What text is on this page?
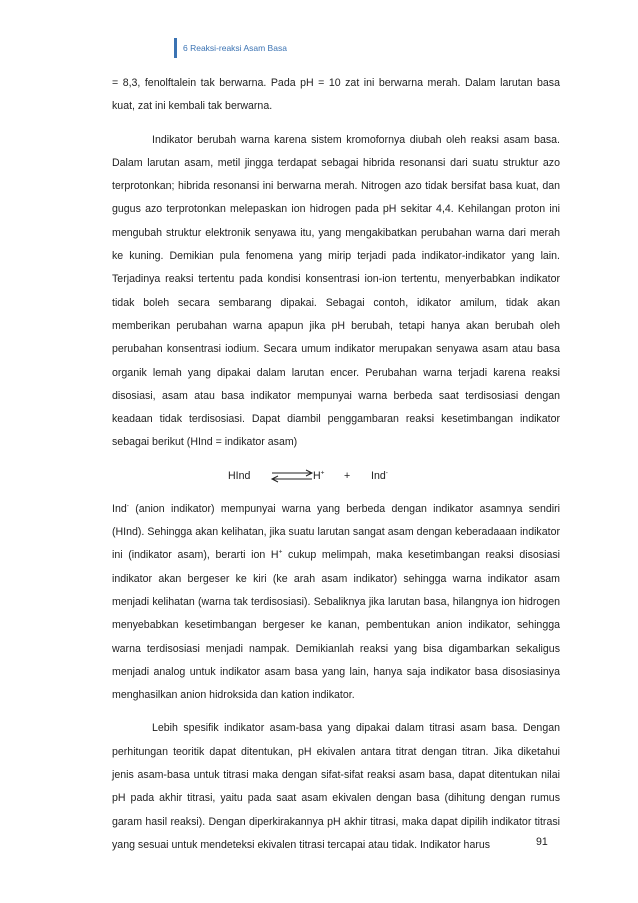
6 Reaksi-reaksi Asam Basa

= 8,3, fenolftalein tak berwarna. Pada pH = 10 zat ini berwarna merah. Dalam larutan basa kuat, zat ini kembali tak berwarna.

Indikator berubah warna karena sistem kromofornya diubah oleh reaksi asam basa. Dalam larutan asam, metil jingga terdapat sebagai hibrida resonansi dari suatu struktur azo terprotonkan; hibrida resonansi ini berwarna merah. Nitrogen azo tidak bersifat basa kuat, dan gugus azo terprotonkan melepaskan ion hidrogen pada pH sekitar 4,4. Kehilangan proton ini mengubah struktur elektronik senyawa itu, yang mengakibatkan perubahan warna dari merah ke kuning. Demikian pula fenomena yang mirip terjadi pada indikator-indikator yang lain. Terjadinya reaksi tertentu pada kondisi konsentrasi ion-ion tertentu, menyerbabkan indikator tidak boleh secara sembarang dipakai. Sebagai contoh, idikator amilum, tidak akan memberikan perubahan warna apapun jika pH berubah, tetapi hanya akan berubah oleh perubahan konsentrasi iodium. Secara umum indikator merupakan senyawa asam atau basa organik lemah yang dipakai dalam larutan encer. Perubahan warna terjadi karena reaksi disosiasi, asam atau basa indikator mempunyai warna berbeda saat terdisosiasi dengan keadaan tidak terdisosiasi. Dapat diambil penggambaran reaksi kesetimbangan indikator sebagai berikut (HInd = indikator asam)

HInd	H+ + Ind-

Ind- (anion indikator) mempunyai warna yang berbeda dengan indikator asamnya sendiri (HInd). Sehingga akan kelihatan, jika suatu larutan sangat asam dengan keberadaaan indikator ini (indikator asam), berarti ion H+ cukup melimpah, maka kesetimbangan reaksi disosiasi indikator akan bergeser ke kiri (ke arah asam indikator) sehingga warna indikator asam menjadi kelihatan (warna tak terdisosiasi). Sebaliknya jika larutan basa, hilangnya ion hidrogen menyebabkan kesetimbangan bergeser ke kanan, pembentukan anion indikator, sehingga warna terdisosiasi menjadi nampak. Demikianlah reaksi yang bisa digambarkan sekaligus menjadi analog untuk indikator asam basa yang lain, hanya saja indikator basa disosiasinya menghasilkan anion hidroksida dan kation indikator.

Lebih spesifik indikator asam-basa yang dipakai dalam titrasi asam basa. Dengan perhitungan teoritik dapat ditentukan, pH ekivalen antara titrat dengan titran. Jika diketahui jenis asam-basa untuk titrasi maka dengan sifat-sifat reaksi asam basa, dapat ditentukan nilai pH pada akhir titrasi, yaitu pada saat asam ekivalen dengan basa (dihitung dengan rumus garam hasil reaksi). Dengan diperkirakannya pH akhir titrasi, maka dapat dipilih indikator titrasi yang sesuai untuk mendeteksi ekivalen titrasi tercapai atau tidak. Indikator harus	91
